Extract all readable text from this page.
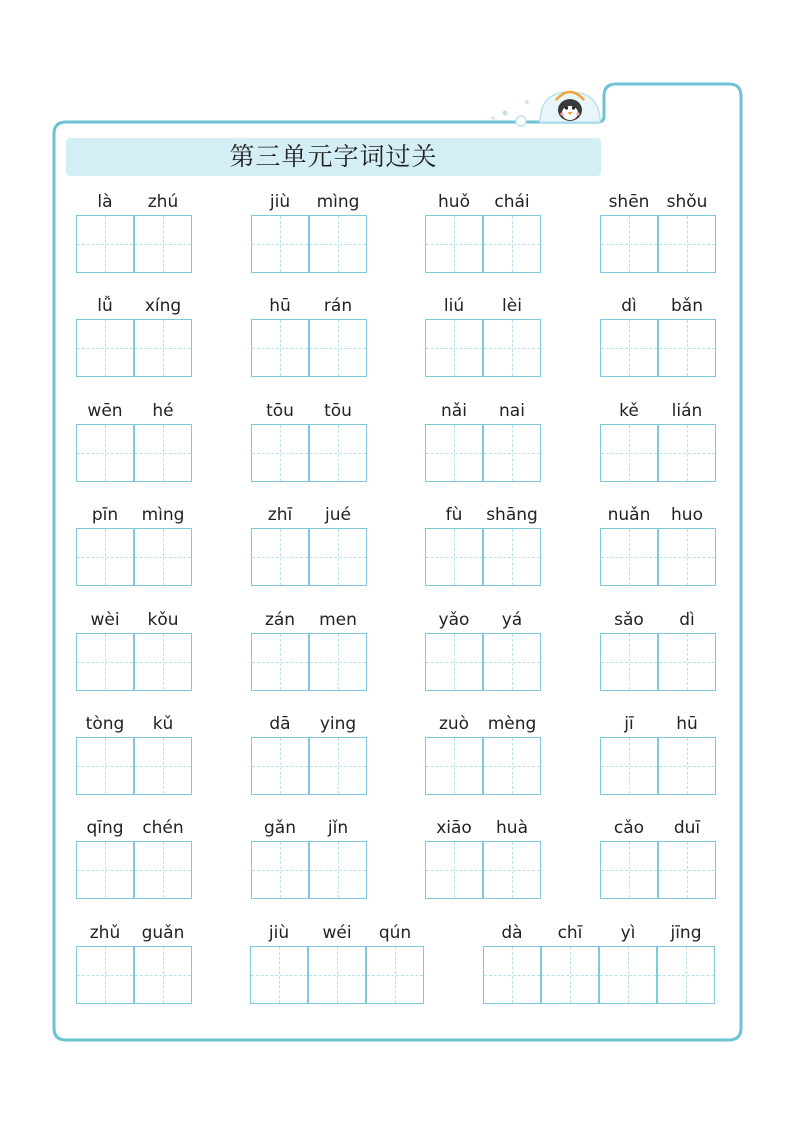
第三单元字词过关
là	zhú	jiù	mìng	huǒ	chái	shēn	shǒu
lǚ	xíng	hū	rán	liú	lèi	dì	bǎn
wēn	hé	tōu	tōu	nǎi	nai	kě	lián
pīn	mìng	zhī	jué	fù	shāng	nuǎn	huo
wèi	kǒu	zán	men	yǎo	yá	sǎo	dì
tòng	kǔ	dā	ying	zuò	mèng	jī	hū
qīng	chén	gǎn	jǐn	xiāo	huà	cǎo	duī
zhǔ	guǎn	jiù	wéi	qún	dà	chī	yì	jīng
